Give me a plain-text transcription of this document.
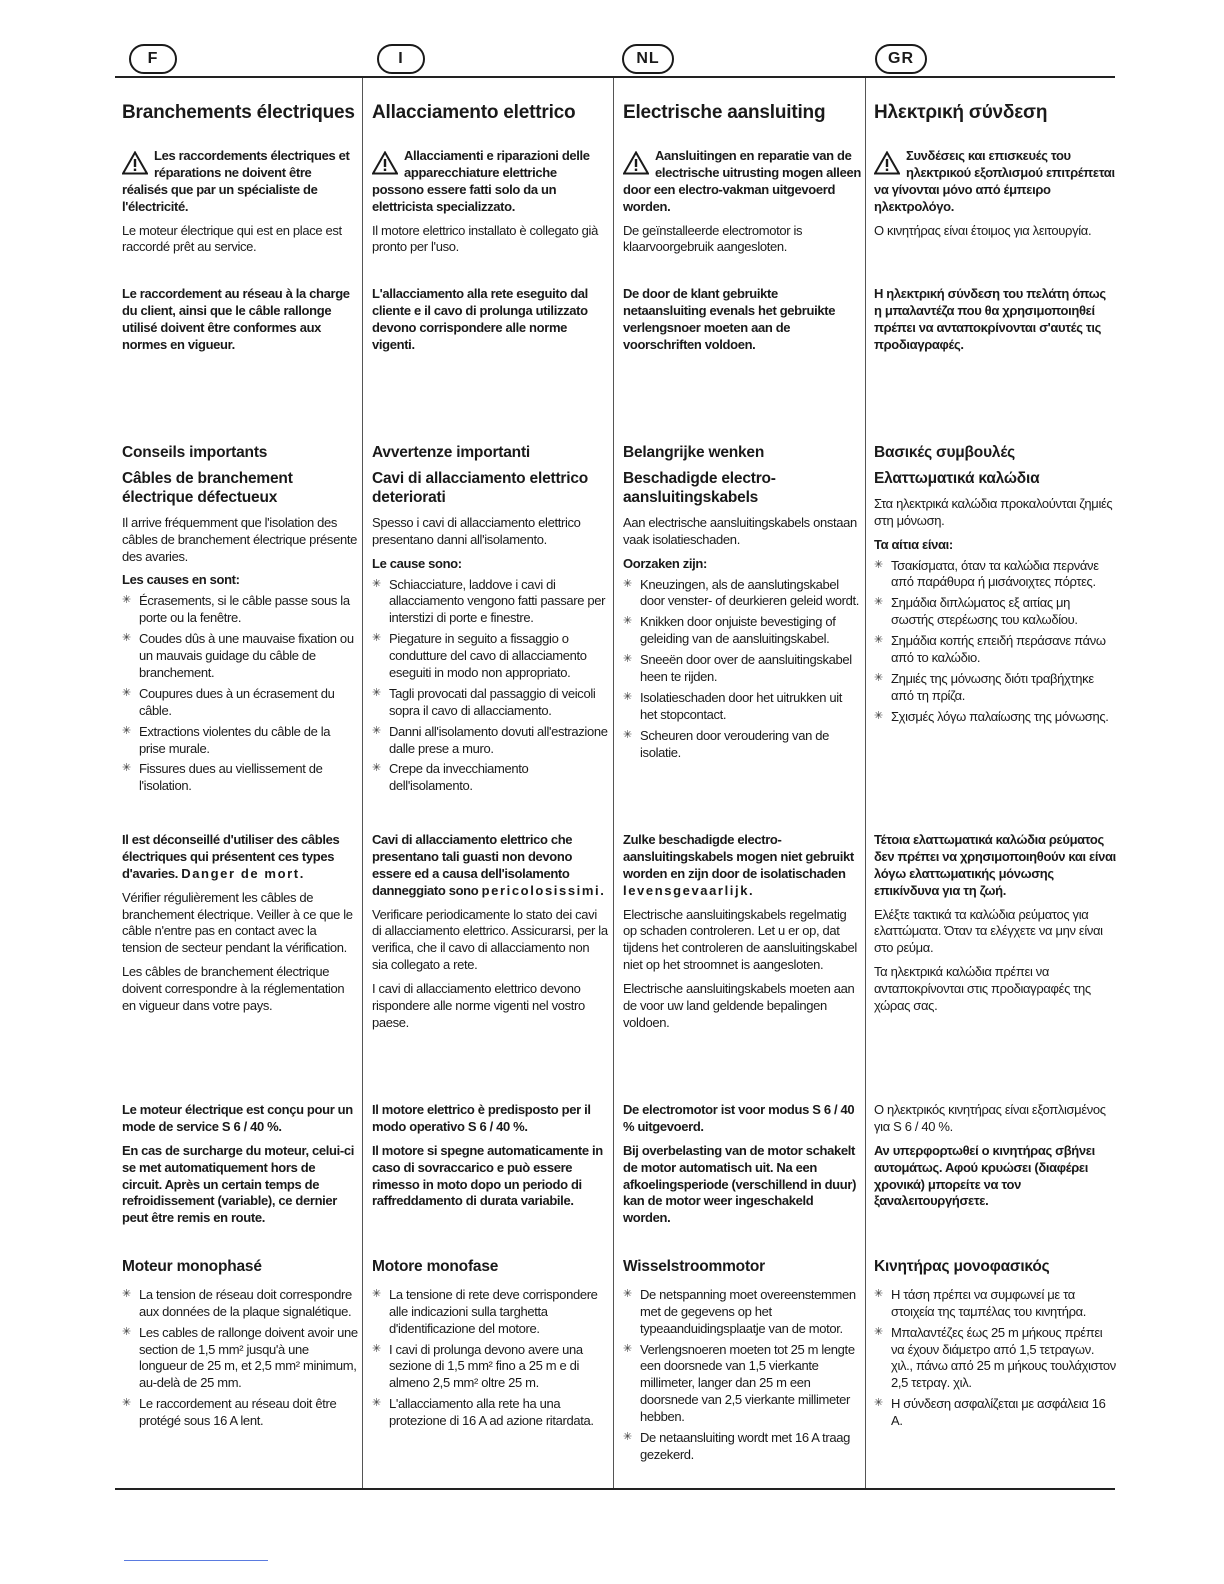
F	I	NL	GR
Branchements électriques
Les raccordements électriques et réparations ne doivent être réalisés que par un spécialiste de l'électricité.

Le moteur électrique qui est en place est raccordé prêt au service.

Le raccordement au réseau à la charge du client, ainsi que le câble rallonge utilisé doivent être conformes aux normes en vigueur.

Conseils importants
Câbles de branchement électrique défectueux

Il arrive fréquemment que l'isolation des câbles de branchement électrique présente des avaries.

Les causes en sont:
✳ Écrasements, si le câble passe sous la porte ou la fenêtre.
✳ Coudes dûs à une mauvaise fixation ou un mauvais guidage du câble de branchement.
✳ Coupures dues à un écrasement du câble.
✳ Extractions violentes du câble de la prise murale.
✳ Fissures dues au viellissement de l'isolation.

Il est déconseillé d'utiliser des câbles électriques qui présentent ces types d'avaries. Danger de mort.

Vérifier régulièrement les câbles de branchement électrique. Veiller à ce que le câble n'entre pas en contact avec la tension de secteur pendant la vérification.

Les câbles de branchement électrique doivent correspondre à la réglementation en vigueur dans votre pays.

Le moteur électrique est conçu pour un mode de service S 6 / 40 %.

En cas de surcharge du moteur, celui-ci se met automatiquement hors de circuit. Après un certain temps de refroidissement (variable), ce dernier peut être remis en route.

Moteur monophasé
✳ La tension de réseau doit correspondre aux données de la plaque signalétique.
✳ Les cables de rallonge doivent avoir une section de 1,5 mm² jusqu'à une longueur de 25 m, et 2,5 mm² minimum, au-delà de 25 mm.
✳ Le raccordement au réseau doit être protégé sous 16 A lent.
Allacciamento elettrico
Allacciamenti e riparazioni delle apparecchiature elettriche possono essere fatti solo da un elettricista specializzato.

Il motore elettrico installato è collegato già pronto per l'uso.

L'allacciamento alla rete eseguito dal cliente e il cavo di prolunga utilizzato devono corrispondere alle norme vigenti.

Avvertenze importanti
Cavi di allacciamento elettrico deteriorati

Spesso i cavi di allacciamento elettrico presentano danni all'isolamento.

Le cause sono:
✳ Schiacciature, laddove i cavi di allacciamento vengono fatti passare per interstizi di porte e finestre.
✳ Piegature in seguito a fissaggio o condutture del cavo di allacciamento eseguiti in modo non appropriato.
✳ Tagli provocati dal passaggio di veicoli sopra il cavo di allacciamento.
✳ Danni all'isolamento dovuti all'estrazione dalle prese a muro.
✳ Crepe da invecchiamento dell'isolamento.

Cavi di allacciamento elettrico che presentano tali guasti non devono essere ed a causa dell'isolamento danneggiato sono pericolosissimi.

Verificare periodicamente lo stato dei cavi di allacciamento elettrico. Assicurarsi, per la verifica, che il cavo di allacciamento non sia collegato a rete.

I cavi di allacciamento elettrico devono rispondere alle norme vigenti nel vostro paese.

Il motore elettrico è predisposto per il modo operativo S 6 / 40 %.

Il motore si spegne automaticamente in caso di sovraccarico e può essere rimesso in moto dopo un periodo di raffreddamento di durata variabile.

Motore monofase
✳ La tensione di rete deve corrispondere alle indicazioni sulla targhetta d'identificazione del motore.
✳ I cavi di prolunga devono avere una sezione di 1,5 mm² fino a 25 m e di almeno 2,5 mm² oltre 25 m.
✳ L'allacciamento alla rete ha una protezione di 16 A ad azione ritardata.
Electrische aansluiting
Aansluitingen en reparatie van de electrische uitrusting mogen alleen door een electro-vakman uitgevoerd worden.

De geïnstalleerde electromotor is klaarvoorgebruik aangesloten.

De door de klant gebruikte netaansluiting evenals het gebruikte verlengsnoer moeten aan de voorschriften voldoen.

Belangrijke wenken
Beschadigde electro-aansluitingskabels

Aan electrische aansluitingskabels onstaan vaak isolatieschaden.

Oorzaken zijn:
✳ Kneuzingen, als de aanslutingskabel door venster- of deurkieren geleid wordt.
✳ Knikken door onjuiste bevestiging of geleiding van de aansluitingskabel.
✳ Sneeën door over de aansluitingskabel heen te rijden.
✳ Isolatieschaden door het uitrukken uit het stopcontact.
✳ Scheuren door veroudering van de isolatie.

Zulke beschadigde electro-aansluitingskabels mogen niet gebruikt worden en zijn door de isolatischaden levensgevaarlijk.

Electrische aansluitingskabels regelmatig op schaden controleren. Let u er op, dat tijdens het controleren de aansluitingskabel niet op het stroomnet is aangesloten.

Electrische aansluitingskabels moeten aan de voor uw land geldende bepalingen voldoen.

De electromotor ist voor modus S 6 / 40 % uitgevoerd.

Bij overbelasting van de motor schakelt de motor automatisch uit. Na een afkoelingsperiode (verschillend in duur) kan de motor weer ingeschakeld worden.

Wisselstroommotor
✳ De netspanning moet overeenstemmen met de gegevens op het typeaanduidingsplaatje van de motor.
✳ Verlengsnoeren moeten tot 25 m lengte een doorsnede van 1,5 vierkante millimeter, langer dan 25 m een doorsnede van 2,5 vierkante millimeter hebben.
✳ De netaansluiting wordt met 16 A traag gezekerd.
Ηλεκτρική σύνδεση
Συνδέσεις και επισκευές του ηλεκτρικού εξοπλισμού επιτρέπεται να γίνονται μόνο από έμπειρο ηλεκτρολόγο.

Ο κινητήρας είναι έτοιμος για λειτουργία.

Η ηλεκτρική σύνδεση του πελάτη όπως η μπαλαντέζα που θα χρησιμοποιηθεί πρέπει να ανταποκρίνονται σ'αυτές τις προδιαγραφές.

Βασικές συμβουλές
Ελαττωματικά καλώδια

Στα ηλεκτρικά καλώδια προκαλούνται ζημιές στη μόνωση.

Τα αίτια είναι:
✳ Τσακίσματα, όταν τα καλώδια περνάνε από παράθυρα ή μισάνοιχτες πόρτες.
✳ Σημάδια διπλώματος εξ αιτίας μη σωστής στερέωσης του καλωδίου.
✳ Σημάδια κοπής επειδή περάσανε πάνω από το καλώδιο.
✳ Ζημιές της μόνωσης διότι τραβήχτηκε από τη πρίζα.
✳ Σχισμές λόγω παλαίωσης της μόνωσης.

Τέτοια ελαττωματικά καλώδια ρεύματος δεν πρέπει να χρησιμοποιηθούν και είναι λόγω ελαττωματικής μόνωσης επικίνδυνα για τη ζωή.

Ελέξτε τακτικά τα καλώδια ρεύματος για ελαττώματα. Όταν τα ελέγχετε να μην είναι στο ρεύμα.

Τα ηλεκτρικά καλώδια πρέπει να ανταποκρίνονται στις προδιαγραφές της χώρας σας.

Ο ηλεκτρικός κινητήρας είναι εξοπλισμένος για S 6 / 40 %.

Αν υπερφορτωθεί ο κινητήρας σβήνει αυτομάτως. Αφού κρυώσει (διαφέρει χρονικά) μπορείτε να τον ξαναλειτουργήσετε.

Κινητήρας μονοφασικός
✳ Η τάση πρέπει να συμφωνεί με τα στοιχεία της ταμπέλας του κινητήρα.
✳ Μπαλαντέζες έως 25 m μήκους πρέπει να έχουν διάμετρο από 1,5 τετραγων. χιλ., πάνω από 25 m μήκους τουλάχιστον 2,5 τετραγ. χιλ.
✳ Η σύνδεση ασφαλίζεται με ασφάλεια 16 A.
